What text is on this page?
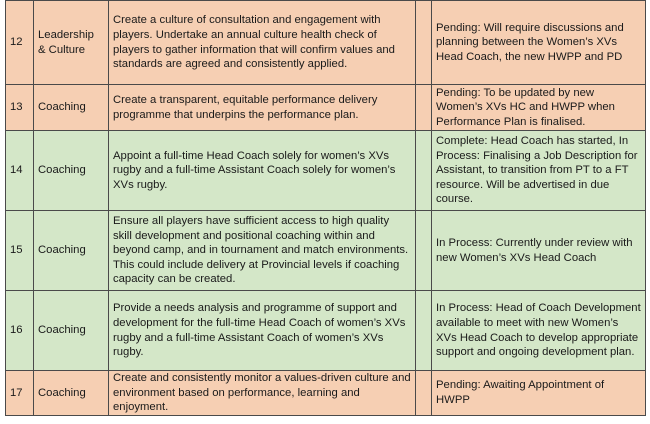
12	Leadership & Culture	Create a culture of consultation and engagement with players. Undertake an annual culture health check of players to gather information that will confirm values and standards are agreed and consistently applied.		Pending: Will require discussions and planning between the Women’s XVs Head Coach, the new HWPP and PD
13	Coaching	Create a transparent, equitable performance delivery programme that underpins the performance plan.		Pending: To be updated by new Women’s XVs HC and HWPP when Performance Plan is finalised.
14	Coaching	Appoint a full-time Head Coach solely for women’s XVs rugby and a full-time Assistant Coach solely for women’s XVs rugby.		Complete: Head Coach has started, In Process: Finalising a Job Description for Assistant, to transition from PT to a FT resource. Will be advertised in due course.
15	Coaching	Ensure all players have sufficient access to high quality skill development and positional coaching within and beyond camp, and in tournament and match environments. This could include delivery at Provincial levels if coaching capacity can be created.		In Process: Currently under review with new Women’s XVs Head Coach
16	Coaching	Provide a needs analysis and programme of support and development for the full-time Head Coach of women’s XVs rugby and a full-time Assistant Coach of women’s XVs rugby.		In Process: Head of Coach Development available to meet with new Women’s XVs Head Coach to develop appropriate support and ongoing development plan.
17	Coaching	Create and consistently monitor a values-driven culture and environment based on performance, learning and enjoyment.		Pending: Awaiting Appointment of HWPP
